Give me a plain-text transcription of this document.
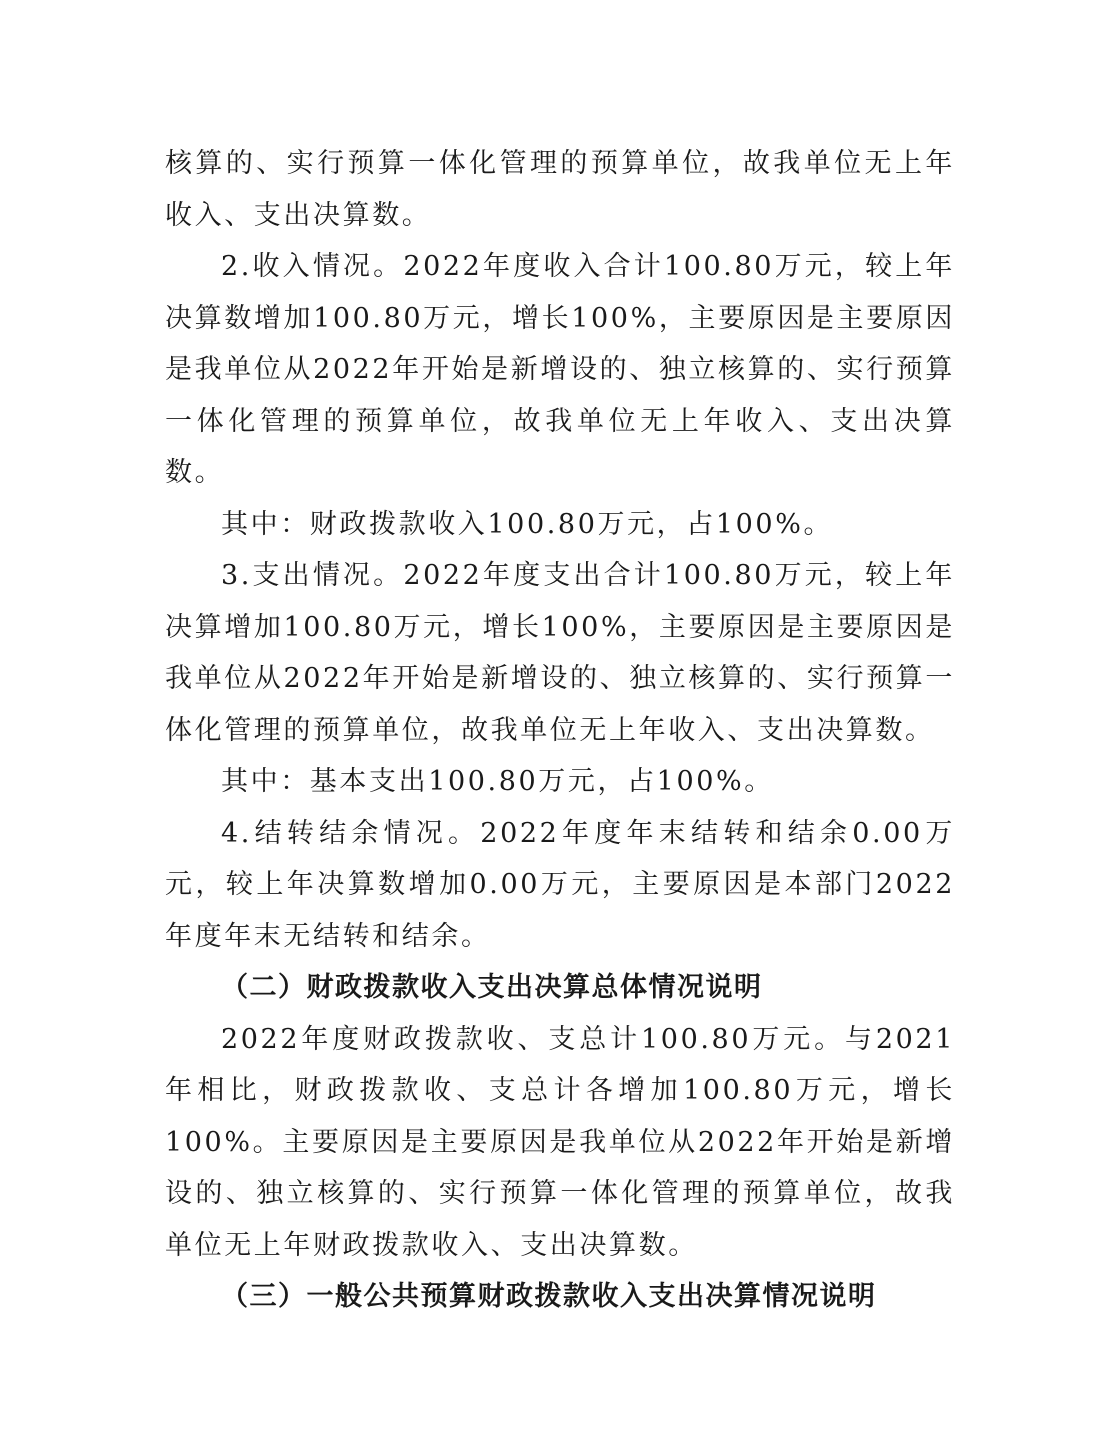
核算的、实行预算一体化管理的预算单位，故我单位无上年收入、支出决算数。

2.收入情况。2022年度收入合计100.80万元，较上年决算数增加100.80万元，增长100%，主要原因是主要原因是我单位从2022年开始是新增设的、独立核算的、实行预算一体化管理的预算单位，故我单位无上年收入、支出决算数。

其中：财政拨款收入100.80万元，占100%。

3.支出情况。2022年度支出合计100.80万元，较上年决算增加100.80万元，增长100%，主要原因是主要原因是我单位从2022年开始是新增设的、独立核算的、实行预算一体化管理的预算单位，故我单位无上年收入、支出决算数。

其中：基本支出100.80万元，占100%。

4.结转结余情况。2022年度年末结转和结余0.00万元，较上年决算数增加0.00万元，主要原因是本部门2022年度年末无结转和结余。

（二）财政拨款收入支出决算总体情况说明

2022年度财政拨款收、支总计100.80万元。与2021年相比，财政拨款收、支总计各增加100.80万元，增长100%。主要原因是主要原因是我单位从2022年开始是新增设的、独立核算的、实行预算一体化管理的预算单位，故我单位无上年财政拨款收入、支出决算数。

（三）一般公共预算财政拨款收入支出决算情况说明
